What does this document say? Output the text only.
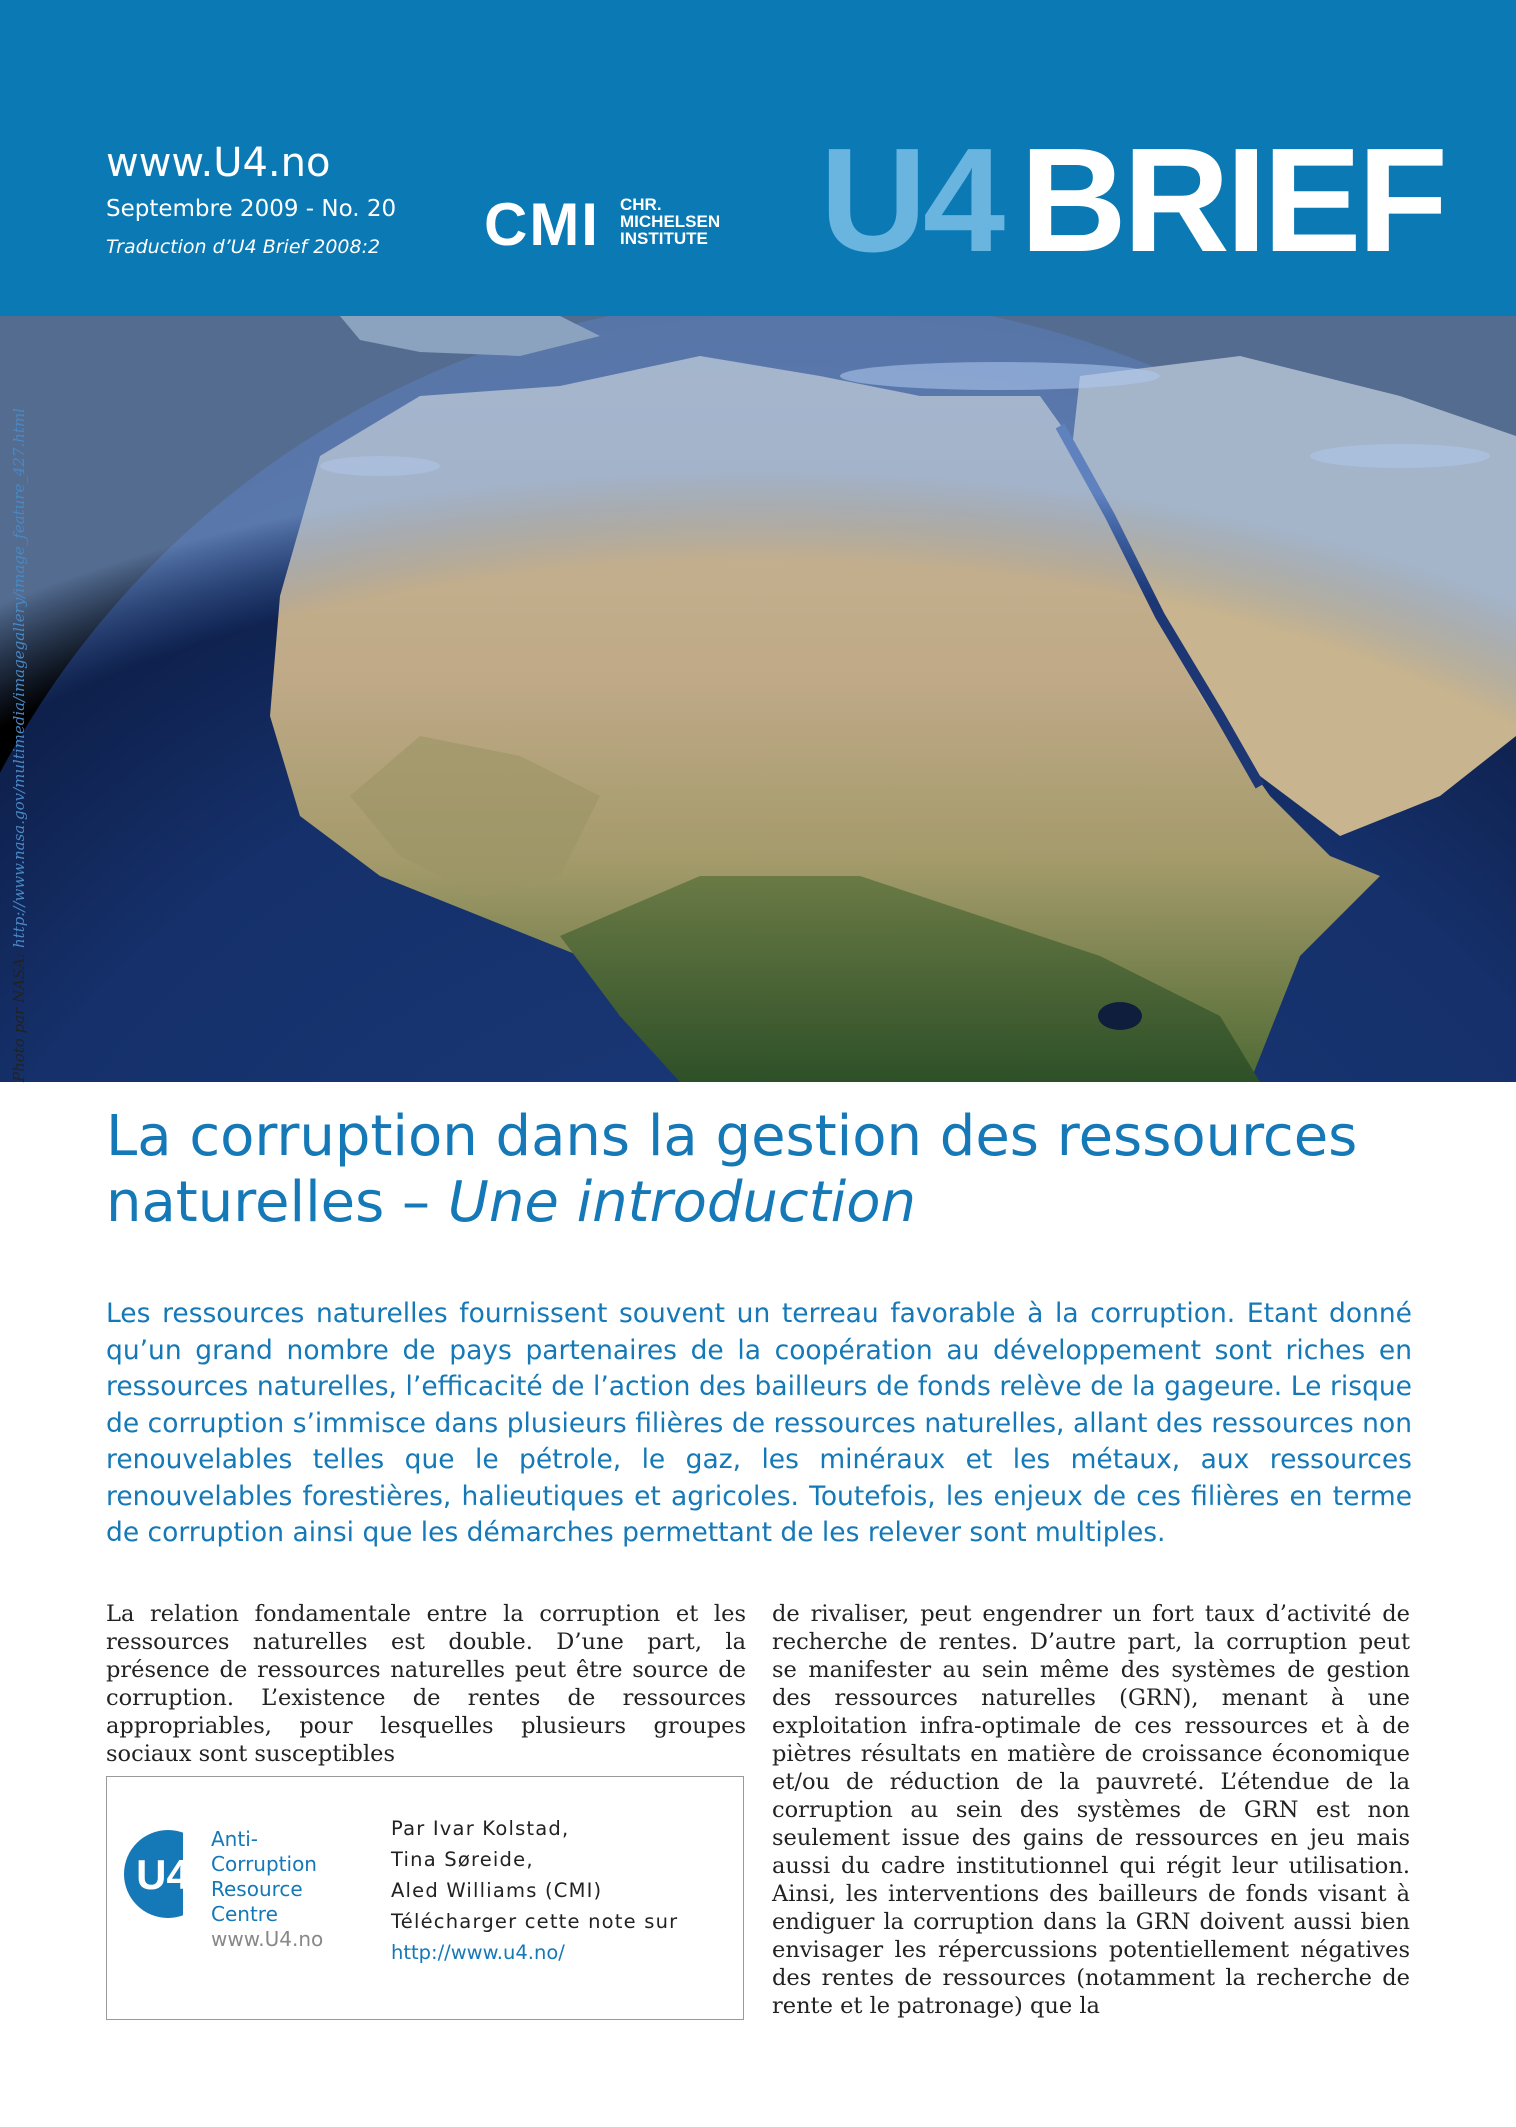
www.U4.no
Septembre 2009 - No. 20
Traduction d’U4 Brief 2008:2 CMI CHR.
MICHELSEN
INSTITUTE U4 BRIEF
Photo par NASA: http://www.nasa.gov/multimedia/imagegallery/image_feature_427.html
La corruption dans la gestion des ressources naturelles – Une introduction
Les ressources naturelles fournissent souvent un terreau favorable à la corruption. Etant donné qu’un grand nombre de pays partenaires de la coopération au développement sont riches en ressources naturelles, l’efficacité de l’action des bailleurs de fonds relève de la gageure. Le risque de corruption s’immisce dans plusieurs filières de ressources naturelles, allant des ressources non renouvelables telles que le pétrole, le gaz, les minéraux et les métaux, aux ressources renouvelables forestières, halieutiques et agricoles. Toutefois, les enjeux de ces filières en terme de corruption ainsi que les démarches permettant de les relever sont multiples.
La relation fondamentale entre la corruption et les ressources naturelles est double. D’une part, la présence de ressources naturelles peut être source de corruption. L’existence de rentes de ressources appropriables, pour lesquelles plusieurs groupes sociaux sont susceptibles
de rivaliser, peut engendrer un fort taux d’activité de recherche de rentes. D’autre part, la corruption peut se manifester au sein même des systèmes de gestion des ressources naturelles (GRN), menant à une exploitation infra-optimale de ces ressources et à de piètres résultats en matière de croissance économique et/ou de réduction de la pauvreté. L’étendue de la corruption au sein des systèmes de GRN est non seulement issue des gains de ressources en jeu mais aussi du cadre institutionnel qui régit leur utilisation. Ainsi, les interventions des bailleurs de fonds visant à endiguer la corruption dans la GRN doivent aussi bien envisager les répercussions potentiellement négatives des rentes de ressources (notamment la recherche de rente et le patronage) que la
U4
Anti-
Corruption
Resource
Centre
www.U4.no
Par Ivar Kolstad,
Tina Søreide,
Aled Williams (CMI)
Télécharger cette note sur
http://www.u4.no/
